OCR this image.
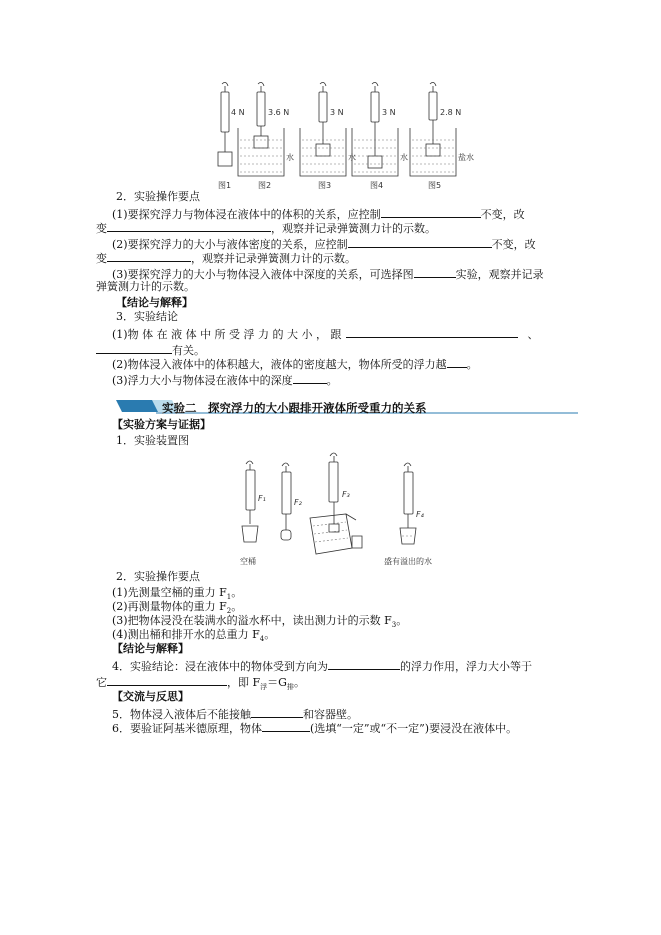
4 N	3.6 N	3 N	3 N	2.8 N
水	水	水	盐水
图1	图2	图3	图4	图5
2．实验操作要点
(1)要探究浮力与物体浸在液体中的体积的关系，应控制	不变，改
变	，观察并记录弹簧测力计的示数。
(2)要探究浮力的大小与液体密度的关系，应控制	不变，改
变	，观察并记录弹簧测力计的示数。
(3)要探究浮力的大小与物体浸入液体中深度的关系，可选择图	实验，观察并记录
弹簧测力计的示数。
【结论与解释】
3．实验结论
(1)物 体 在 液 体 中 所 受 浮 力 的 大 小 ， 跟	、
有关。
(2)物体浸入液体中的体积越大，液体的密度越大，物体所受的浮力越 。
(3)浮力大小与物体浸在液体中的深度	。
实验二　探究浮力的大小跟排开液体所受重力的关系
【实验方案与证据】
1．实验装置图
F₁	F₂
F₃
F₄
空桶	盛有溢出的水
2．实验操作要点
(1)先测量空桶的重力 $F_1$。
(2)再测量物体的重力 $F_2$。
(3)把物体浸没在装满水的溢水杯中，读出测力计的示数 $F_3$。
(4)测出桶和排开水的总重力 $F_4$。
【结论与解释】
4．实验结论：浸在液体中的物体受到方向为	的浮力作用，浮力大小等于
它	，即 $F_浮=G_排$。
【交流与反思】
5．物体浸入液体后不能接触	和容器壁。
6．要验证阿基米德原理，物体	(选填“一定”或“不一定”)要浸没在液体中。
